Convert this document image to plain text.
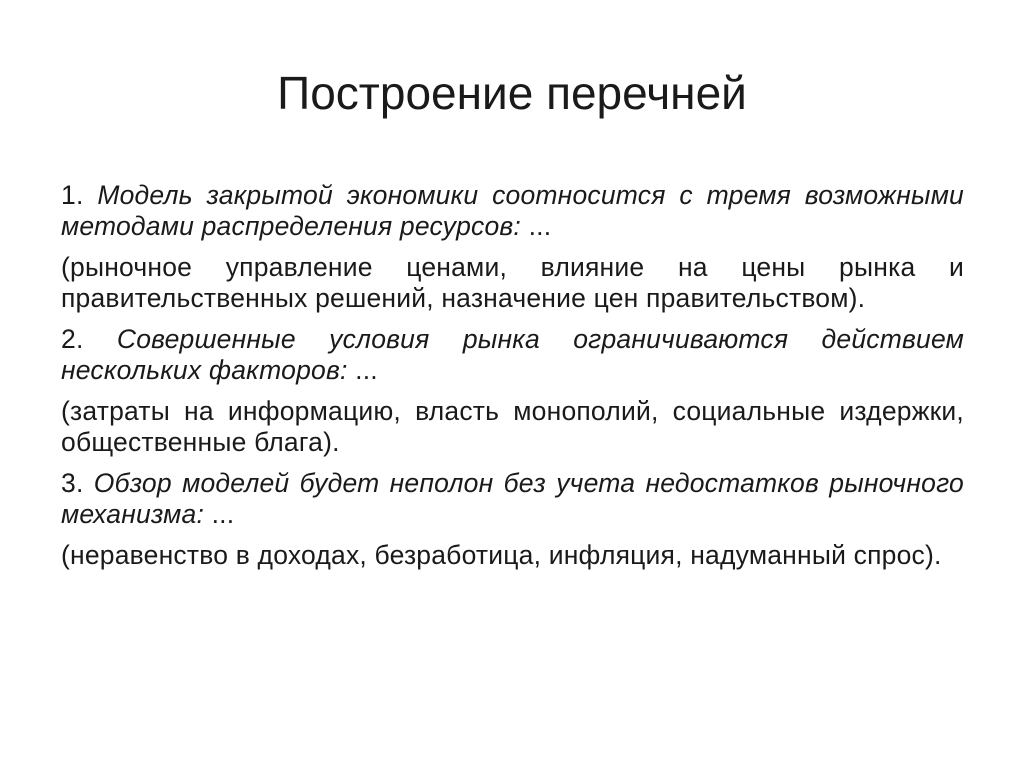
Построение перечней

1. Модель закрытой экономики соотносится с тремя возможными методами распределения ресурсов: ...

(рыночное управление ценами, влияние на цены рынка и правительственных решений, назначение цен правительством).

2. Совершенные условия рынка ограничиваются действием нескольких факторов: ...

(затраты на информацию, власть монополий, социальные издержки, общественные блага).

3. Обзор моделей будет неполон без учета недостатков рыночного механизма: ...

(неравенство в доходах, безработица, инфляция, надуманный спрос).
